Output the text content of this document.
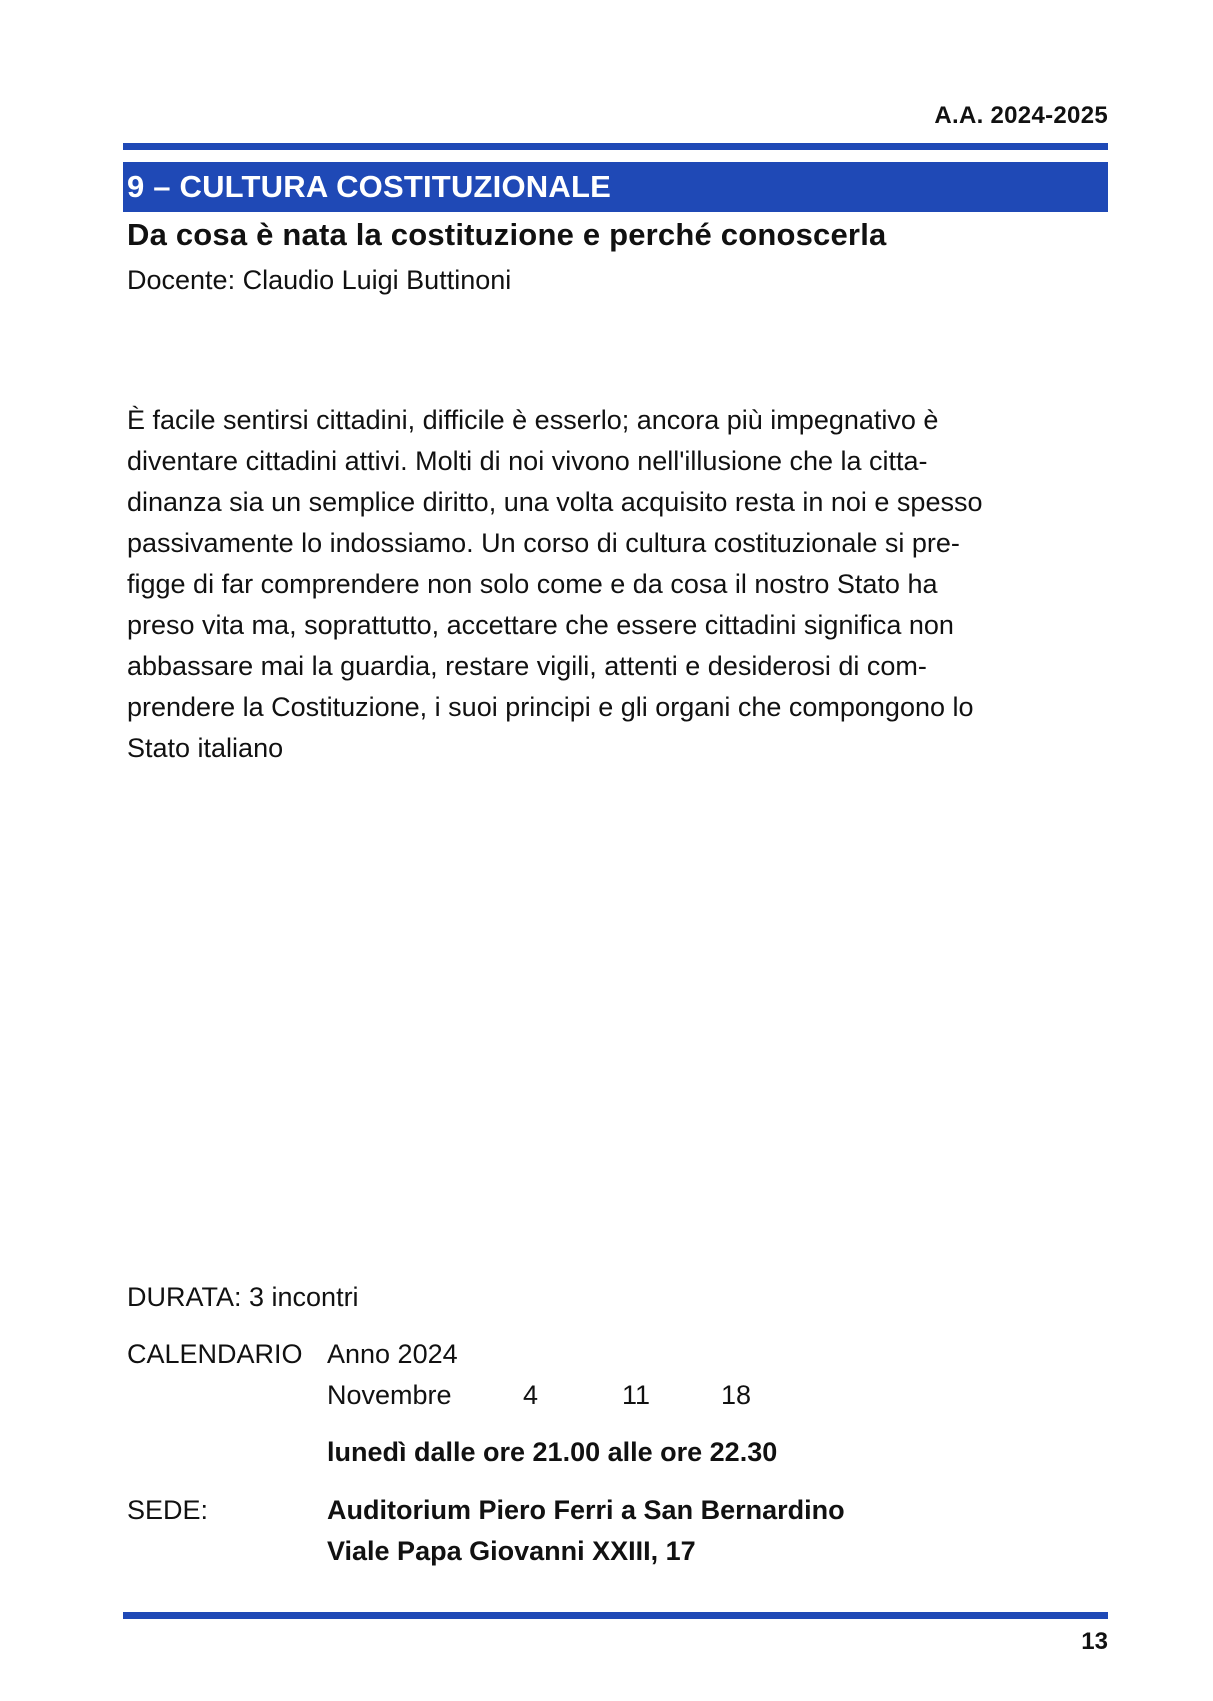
A.A. 2024-2025
9 – CULTURA COSTITUZIONALE
Da cosa è nata la costituzione e perché conoscerla
Docente: Claudio Luigi Buttinoni
È facile sentirsi cittadini, difficile è esserlo; ancora più impegnativo è
diventare cittadini attivi. Molti di noi vivono nell'illusione che la citta-
dinanza sia un semplice diritto, una volta acquisito resta in noi e spesso
passivamente lo indossiamo. Un corso di cultura costituzionale si pre-
figge di far comprendere non solo come e da cosa il nostro Stato ha
preso vita ma, soprattutto, accettare che essere cittadini significa non
abbassare mai la guardia, restare vigili, attenti e desiderosi di com-
prendere la Costituzione, i suoi principi e gli organi che compongono lo
Stato italiano
DURATA: 3 incontri
CALENDARIO Anno 2024
Novembre	4	11	18
lunedì dalle ore 21.00 alle ore 22.30
SEDE:	Auditorium Piero Ferri a San Bernardino
Viale Papa Giovanni XXIII, 17
13
